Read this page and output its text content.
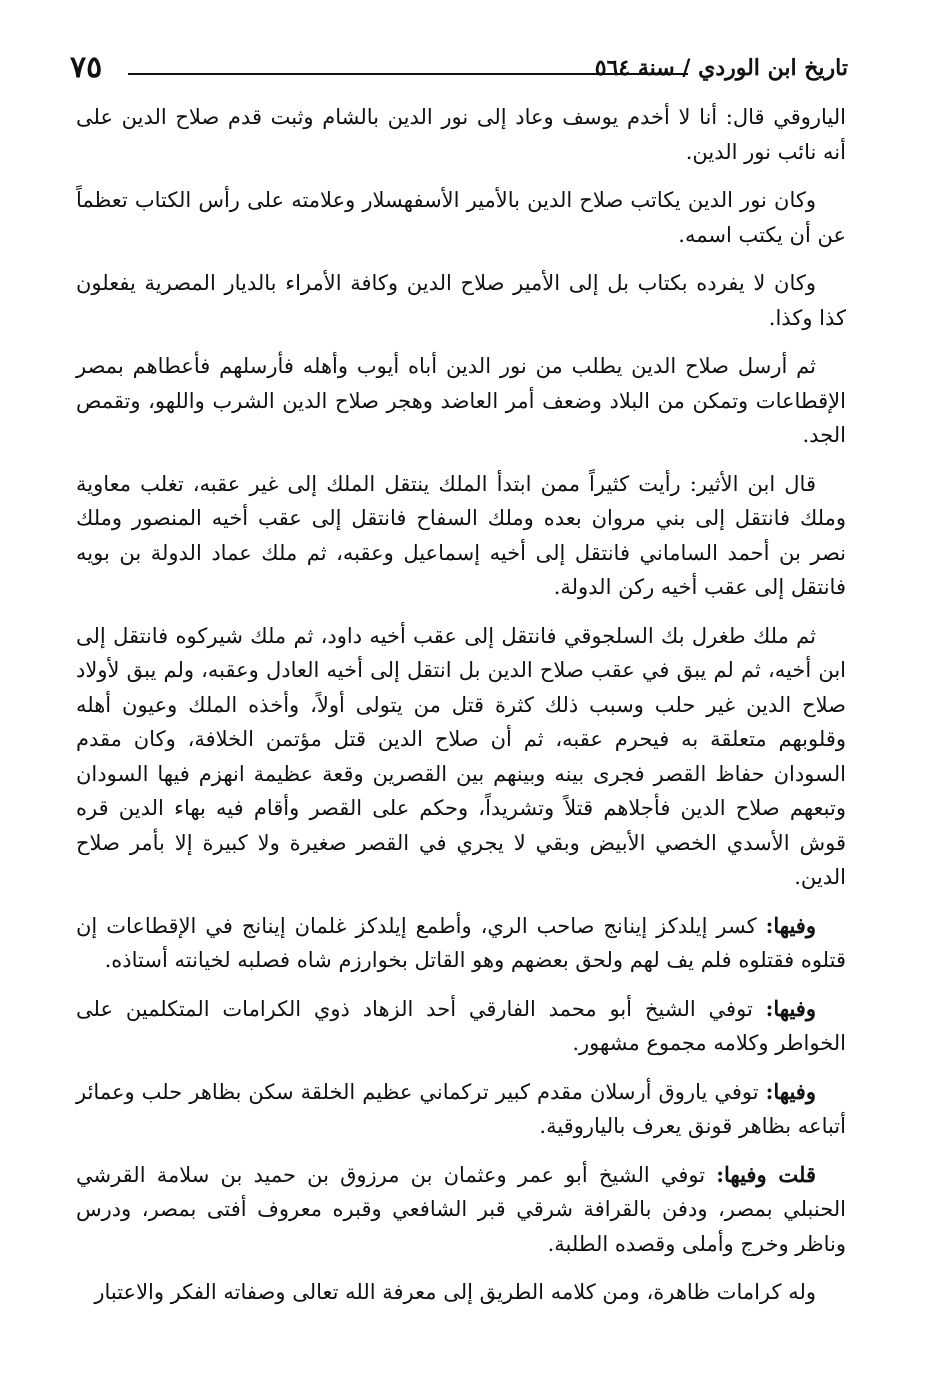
٧٥	تاريخ ابن الوردي / سنة ٥٦٤

الياروقي قال: أنا لا أخدم يوسف وعاد إلى نور الدين بالشام وثبت قدم صلاح الدين على أنه نائب نور الدين.

وكان نور الدين يكاتب صلاح الدين بالأمير الأسفهسلار وعلامته على رأس الكتاب تعظماً عن أن يكتب اسمه.

وكان لا يفرده بكتاب بل إلى الأمير صلاح الدين وكافة الأمراء بالديار المصرية يفعلون كذا وكذا.

ثم أرسل صلاح الدين يطلب من نور الدين أباه أيوب وأهله فأرسلهم فأعطاهم بمصر الإقطاعات وتمكن من البلاد وضعف أمر العاضد وهجر صلاح الدين الشرب واللهو، وتقمص الجد.

قال ابن الأثير: رأيت كثيراً ممن ابتدأ الملك ينتقل الملك إلى غير عقبه، تغلب معاوية وملك فانتقل إلى بني مروان بعده وملك السفاح فانتقل إلى عقب أخيه المنصور وملك نصر بن أحمد الساماني فانتقل إلى أخيه إسماعيل وعقبه، ثم ملك عماد الدولة بن بويه فانتقل إلى عقب أخيه ركن الدولة.

ثم ملك طغرل بك السلجوقي فانتقل إلى عقب أخيه داود، ثم ملك شيركوه فانتقل إلى ابن أخيه، ثم لم يبق في عقب صلاح الدين بل انتقل إلى أخيه العادل وعقبه، ولم يبق لأولاد صلاح الدين غير حلب وسبب ذلك كثرة قتل من يتولى أولاً، وأخذه الملك وعيون أهله وقلوبهم متعلقة به فيحرم عقبه، ثم أن صلاح الدين قتل مؤتمن الخلافة، وكان مقدم السودان حفاظ القصر فجرى بينه وبينهم بين القصرين وقعة عظيمة انهزم فيها السودان وتبعهم صلاح الدين فأجلاهم قتلاً وتشريداً، وحكم على القصر وأقام فيه بهاء الدين قره قوش الأسدي الخصي الأبيض وبقي لا يجري في القصر صغيرة ولا كبيرة إلا بأمر صلاح الدين.

وفيها: كسر إيلدكز إينانج صاحب الري، وأطمع إيلدكز غلمان إينانج في الإقطاعات إن قتلوه فقتلوه فلم يف لهم ولحق بعضهم وهو القاتل بخوارزم شاه فصلبه لخيانته أستاذه.

وفيها: توفي الشيخ أبو محمد الفارقي أحد الزهاد ذوي الكرامات المتكلمين على الخواطر وكلامه مجموع مشهور.

وفيها: توفي ياروق أرسلان مقدم كبير تركماني عظيم الخلقة سكن بظاهر حلب وعمائر أتباعه بظاهر قونق يعرف بالياروقية.

قلت وفيها: توفي الشيخ أبو عمر وعثمان بن مرزوق بن حميد بن سلامة القرشي الحنبلي بمصر، ودفن بالقرافة شرقي قبر الشافعي وقبره معروف أفتى بمصر، ودرس وناظر وخرج وأملى وقصده الطلبة.

وله كرامات ظاهرة، ومن كلامه الطريق إلى معرفة الله تعالى وصفاته الفكر والاعتبار
